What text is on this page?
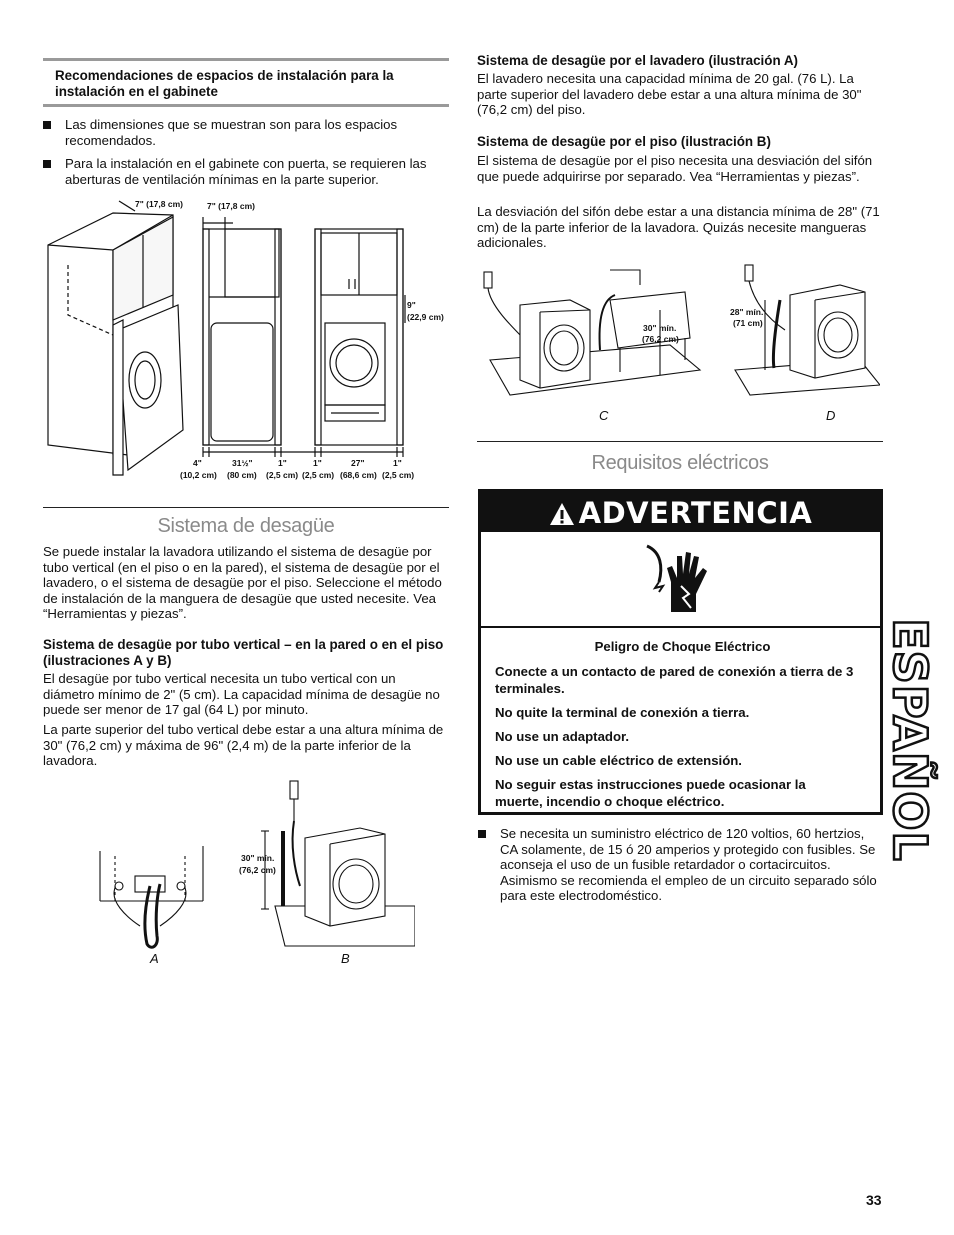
Recomendaciones de espacios de instalación para la instalación en el gabinete
Las dimensiones que se muestran son para los espacios recomendados.
Para la instalación en el gabinete con puerta, se requieren las aberturas de ventilación mínimas en la parte superior.
7" (17,8 cm)	7" (17,8 cm)
9"
(22,9 cm)
4"
(10,2 cm)
31½"
(80 cm)
1"
(2,5 cm)
1"
(2,5 cm)
27"
(68,6 cm)
1"
(2,5 cm)
Sistema de desagüe

Se puede instalar la lavadora utilizando el sistema de desagüe por tubo vertical (en el piso o en la pared), el sistema de desagüe por el lavadero, o el sistema de desagüe por el piso. Seleccione el método de instalación de la manguera de desagüe que usted necesite. Vea “Herramientas y piezas”.

Sistema de desagüe por tubo vertical – en la pared o en el piso (ilustraciones A y B)

El desagüe por tubo vertical necesita un tubo vertical con un diámetro mínimo de 2" (5 cm). La capacidad mínima de desagüe no puede ser menor de 17 gal (64 L) por minuto.

La parte superior del tubo vertical debe estar a una altura mínima de 30" (76,2 cm) y máxima de 96" (2,4 m) de la parte inferior de la lavadora.

30" mín.
(76,2 cm)
A	B
Sistema de desagüe por el lavadero (ilustración A)

El lavadero necesita una capacidad mínima de 20 gal. (76 L). La parte superior del lavadero debe estar a una altura mínima de 30" (76,2 cm) del piso.

Sistema de desagüe por el piso (ilustración B)

El sistema de desagüe por el piso necesita una desviación del sifón que puede adquirirse por separado. Vea “Herramientas y piezas”.

La desviación del sifón debe estar a una distancia mínima de 28" (71 cm) de la parte inferior de la lavadora. Quizás necesite mangueras adicionales.

30" mín.
(76,2 cm)
28" mín.
(71 cm)
C	D
Requisitos eléctricos
ADVERTENCIA

Peligro de Choque Eléctrico

Conecte a un contacto de pared de conexión a tierra de 3 terminales.

No quite la terminal de conexión a tierra.

No use un adaptador.

No use un cable eléctrico de extensión.

No seguir estas instrucciones puede ocasionar la muerte, incendio o choque eléctrico.

Se necesita un suministro eléctrico de 120 voltios, 60 hertzios, CA solamente, de 15 ó 20 amperios y protegido con fusibles. Se aconseja el uso de un fusible retardador o cortacircuitos. Asimismo se recomienda el empleo de un circuito separado sólo para este electrodoméstico.
ESPAÑOL
33
